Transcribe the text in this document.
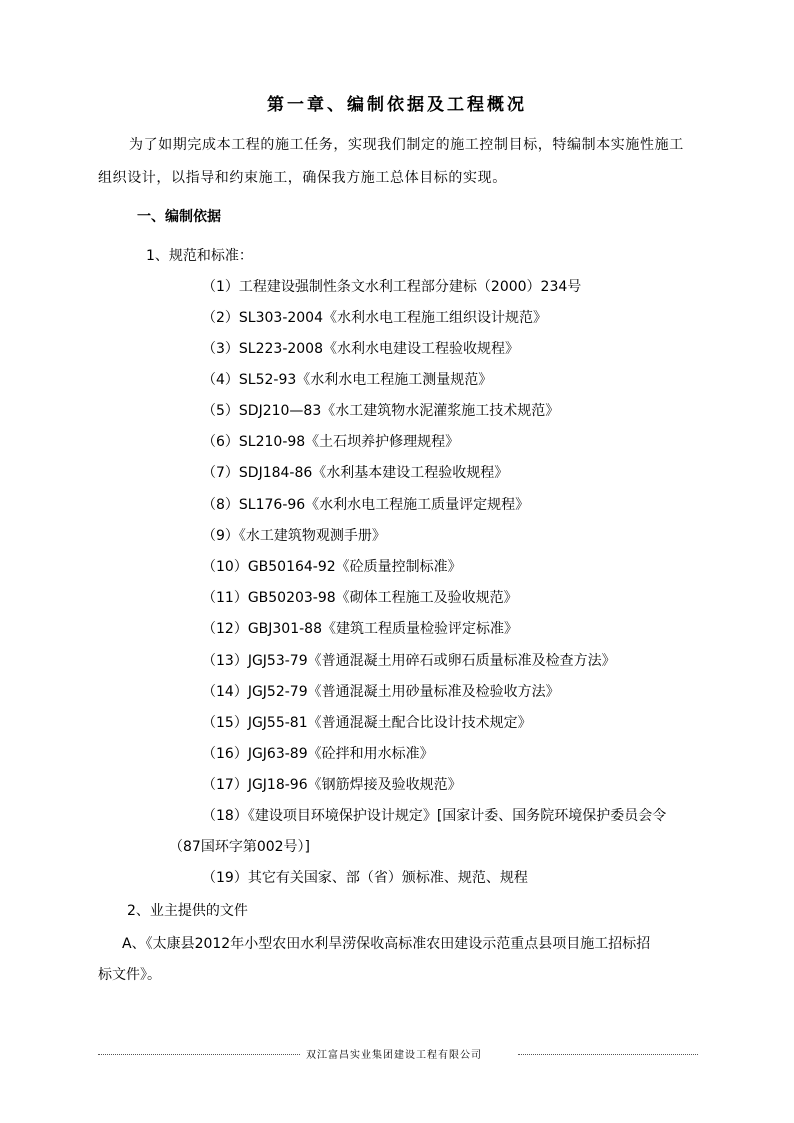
第一章、编制依据及工程概况
为了如期完成本工程的施工任务，实现我们制定的施工控制目标，特编制本实施性施工
组织设计，以指导和约束施工，确保我方施工总体目标的实现。
一、编制依据
1、规范和标准：
（1）工程建设强制性条文水利工程部分建标（2000）234号
（2）SL303-2004《水利水电工程施工组织设计规范》
（3）SL223-2008《水利水电建设工程验收规程》
（4）SL52-93《水利水电工程施工测量规范》
（5）SDJ210—83《水工建筑物水泥灌浆施工技术规范》
（6）SL210-98《土石坝养护修理规程》
（7）SDJ184-86《水利基本建设工程验收规程》
（8）SL176-96《水利水电工程施工质量评定规程》
（9）《水工建筑物观测手册》
（10）GB50164-92《砼质量控制标准》
（11）GB50203-98《砌体工程施工及验收规范》
（12）GBJ301-88《建筑工程质量检验评定标准》
（13）JGJ53-79《普通混凝土用碎石或卵石质量标准及检查方法》
（14）JGJ52-79《普通混凝土用砂量标准及检验收方法》
（15）JGJ55-81《普通混凝土配合比设计技术规定》
（16）JGJ63-89《砼拌和用水标准》
（17）JGJ18-96《钢筋焊接及验收规范》
（18）《建设项目环境保护设计规定》[国家计委、国务院环境保护委员会令
（87国环字第002号）]
（19）其它有关国家、部（省）颁标准、规范、规程
2、业主提供的文件
A、《太康县2012年小型农田水利旱涝保收高标准农田建设示范重点县项目施工招标招
标文件》。
双江富昌实业集团建设工程有限公司
